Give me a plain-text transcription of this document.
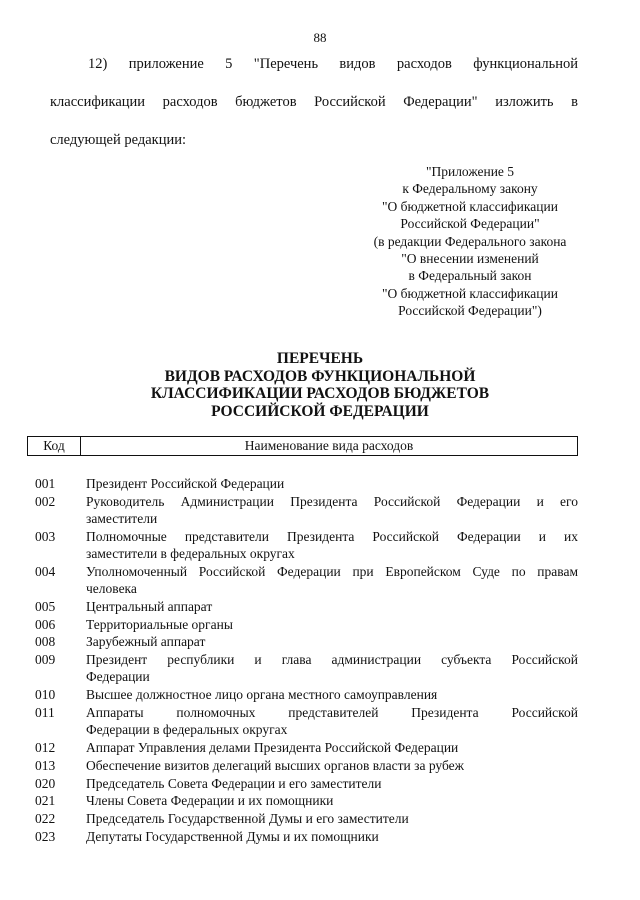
88
12) приложение 5 "Перечень видов расходов функциональной
классификации расходов бюджетов Российской Федерации" изложить в
следующей редакции:
"Приложение 5
к Федеральному закону
"О бюджетной классификации
Российской Федерации"
(в редакции Федерального закона
"О внесении изменений
в Федеральный закон
"О бюджетной классификации
Российской Федерации")
ПЕРЕЧЕНЬ
ВИДОВ РАСХОДОВ ФУНКЦИОНАЛЬНОЙ
КЛАССИФИКАЦИИ РАСХОДОВ БЮДЖЕТОВ
РОССИЙСКОЙ ФЕДЕРАЦИИ
Код	Наименование вида расходов
001	Президент Российской Федерации
002	Руководитель Администрации Президента Российской Федерации и его
заместители
003	Полномочные представители Президента Российской Федерации и их
заместители в федеральных округах
004	Уполномоченный Российской Федерации при Европейском Суде по правам
человека
005	Центральный аппарат
006	Территориальные органы
008	Зарубежный аппарат
009	Президент республики и глава администрации субъекта Российской
Федерации
010	Высшее должностное лицо органа местного самоуправления
011	Аппараты полномочных представителей Президента Российской
Федерации в федеральных округах
012	Аппарат Управления делами Президента Российской Федерации
013	Обеспечение визитов делегаций высших органов власти за рубеж
020	Председатель Совета Федерации и его заместители
021	Члены Совета Федерации и их помощники
022	Председатель Государственной Думы и его заместители
023	Депутаты Государственной Думы и их помощники
